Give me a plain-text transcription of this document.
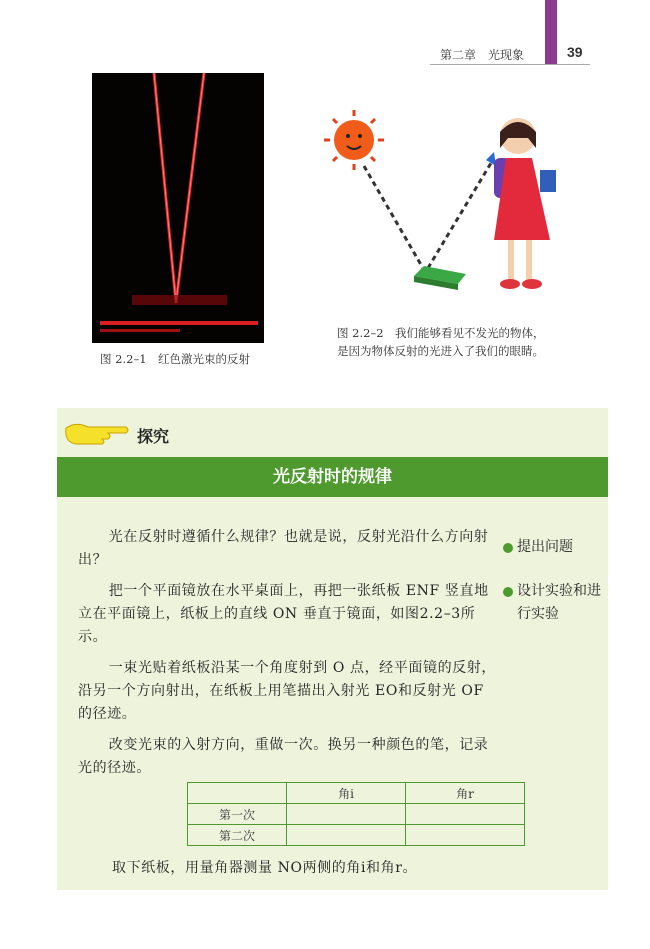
第二章　光现象	39
图 2.2–1　红色激光束的反射
图 2.2–2　我们能够看见不发光的物体，
是因为物体反射的光进入了我们的眼睛。
探究
光反射时的规律

光在反射时遵循什么规律？也就是说，反射光沿什么方向射出？

把一个平面镜放在水平桌面上，再把一张纸板 ENF 竖直地立在平面镜上，纸板上的直线 ON 垂直于镜面，如图2.2–3所示。

一束光贴着纸板沿某一个角度射到 O 点，经平面镜的反射，沿另一个方向射出，在纸板上用笔描出入射光 EO和反射光 OF的径迹。

改变光束的入射方向，重做一次。换另一种颜色的笔，记录光的径迹。

提出问题
设计实验和进行实验
	角i	角r
第一次		
第二次		
取下纸板，用量角器测量 NO两侧的角i和角r。
